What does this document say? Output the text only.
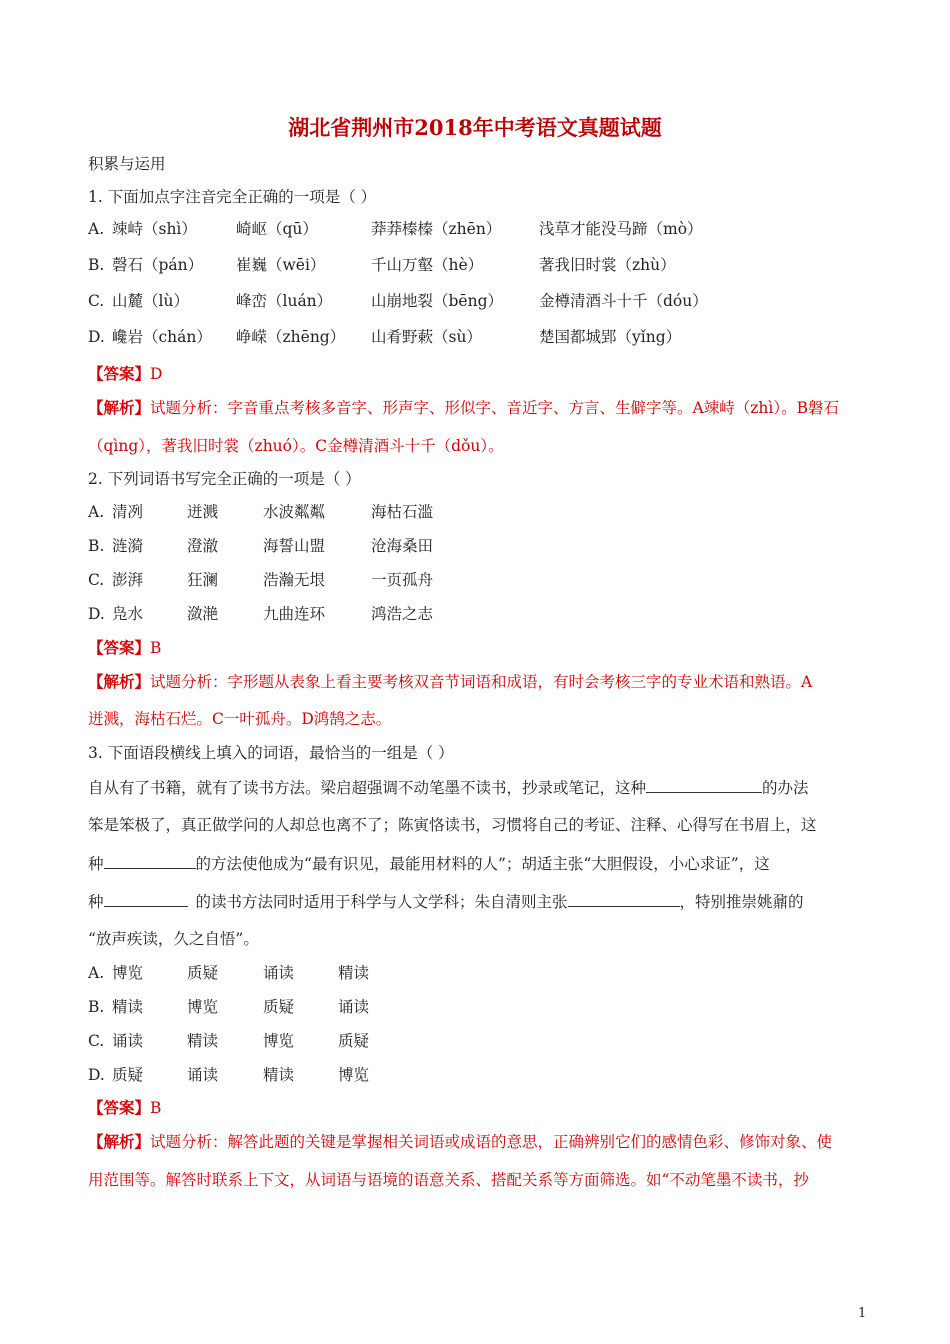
湖北省荆州市2018年中考语文真题试题
积累与运用
1. 下面加点字注音完全正确的一项是（ ）
A. 竦峙（shì）	崎岖（qū）	莽莽榛榛（zhēn） 浅草才能没马蹄（mò）
B. 磬石（pán） 崔巍（wēi）	千山万壑（hè）	著我旧时裳（zhù）
C. 山麓（lù）	峰峦（luán）	山崩地裂（bēng） 金樽清酒斗十千（dóu）
D. 巉岩（chán） 峥嵘（zhēng） 山肴野蔌（sù）	楚国都城郢（yǐng）
【答案】D
【解析】试题分析：字音重点考核多音字、形声字、形似字、音近字、方言、生僻字等。A竦峙（zhì）。B磐石
（qìng），著我旧时裳（zhuó）。C金樽清酒斗十千（dǒu）。
2. 下列词语书写完全正确的一项是（ ）
A. 清冽	迸溅	水波粼粼	海枯石滥
B. 涟漪	澄澈	海誓山盟	沧海桑田
C. 澎湃	狂澜	浩瀚无垠	一页孤舟
D. 凫水	潋滟	九曲连环	鸿浩之志
【答案】B
【解析】试题分析：字形题从表象上看主要考核双音节词语和成语，有时会考核三字的专业术语和熟语。A
迸溅，海枯石烂。C一叶孤舟。D鸿鹄之志。
3. 下面语段横线上填入的词语，最恰当的一组是（ ）
自从有了书籍，就有了读书方法。梁启超强调不动笔墨不读书，抄录或笔记，这种	的办法
笨是笨极了，真正做学问的人却总也离不了；陈寅恪读书，习惯将自己的考证、注释、心得写在书眉上，这
种	的方法使他成为“最有识见，最能用材料的人”；胡适主张“大胆假设，小心求证”，这
种	的读书方法同时适用于科学与人文学科；朱自清则主张	，特别推崇姚鼐的
“放声疾读，久之自悟”。
A. 博览	质疑	诵读	精读
B. 精读	博览	质疑	诵读
C. 诵读	精读	博览	质疑
D. 质疑	诵读	精读	博览
【答案】B
【解析】试题分析：解答此题的关键是掌握相关词语或成语的意思，正确辨别它们的感情色彩、修饰对象、使
用范围等。解答时联系上下文，从词语与语境的语意关系、搭配关系等方面筛选。如“不动笔墨不读书，抄
1
